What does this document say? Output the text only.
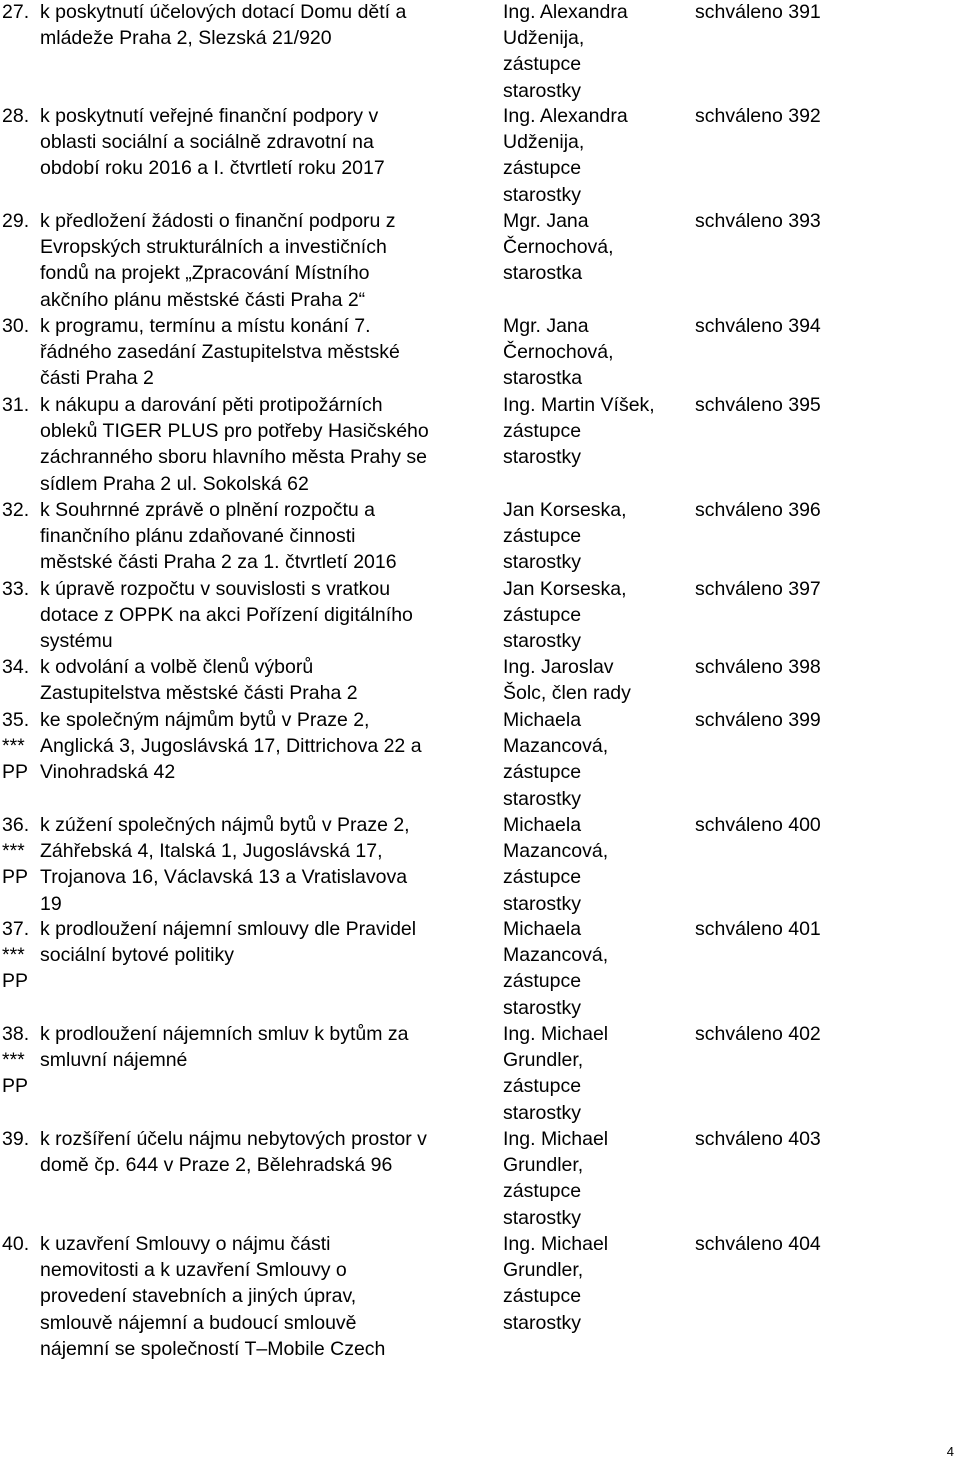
27. k poskytnutí účelových dotací Domu dětí a
mládeže Praha 2, Slezská 21/920
Ing. Alexandra
Udženija,
zástupce
starostky
schváleno 391
28. k poskytnutí veřejné finanční podpory v
oblasti sociální a sociálně zdravotní na
období roku 2016 a I. čtvrtletí roku 2017
Ing. Alexandra
Udženija,
zástupce
starostky
schváleno 392
29. k předložení žádosti o finanční podporu z
Evropských strukturálních a investičních
fondů na projekt „Zpracování Místního
akčního plánu městské části Praha 2“
Mgr. Jana
Černochová,
starostka
schváleno 393
30. k programu, termínu a místu konání 7.
řádného zasedání Zastupitelstva městské
části Praha 2
Mgr. Jana
Černochová,
starostka
schváleno 394
31. k nákupu a darování pěti protipožárních
obleků TIGER PLUS pro potřeby Hasičského
záchranného sboru hlavního města Prahy se
sídlem Praha 2 ul. Sokolská 62
Ing. Martin Víšek,
zástupce
starostky
schváleno 395
32. k Souhrnné zprávě o plnění rozpočtu a
finančního plánu zdaňované činnosti
městské části Praha 2 za 1. čtvrtletí 2016
Jan Korseska,
zástupce
starostky
schváleno 396
33. k úpravě rozpočtu v souvislosti s vratkou
dotace z OPPK na akci Pořízení digitálního
systému
Jan Korseska,
zástupce
starostky
schváleno 397
34. k odvolání a volbě členů výborů
Zastupitelstva městské části Praha 2
Ing. Jaroslav
Šolc, člen rady
schváleno 398
35.
***
PP
ke společným nájmům bytů v Praze 2,
Anglická 3, Jugoslávská 17, Dittrichova 22 a
Vinohradská 42
Michaela
Mazancová,
zástupce
starostky
schváleno 399
36.
***
PP
k zúžení společných nájmů bytů v Praze 2,
Záhřebská 4, Italská 1, Jugoslávská 17,
Trojanova 16, Václavská 13 a Vratislavova
19
Michaela
Mazancová,
zástupce
starostky
schváleno 400
37.
***
PP
k prodloužení nájemní smlouvy dle Pravidel
sociální bytové politiky
Michaela
Mazancová,
zástupce
starostky
schváleno 401
38.
***
PP
k prodloužení nájemních smluv k bytům za
smluvní nájemné
Ing. Michael
Grundler,
zástupce
starostky
schváleno 402
39. k rozšíření účelu nájmu nebytových prostor v
domě čp. 644 v Praze 2, Bělehradská 96
Ing. Michael
Grundler,
zástupce
starostky
schváleno 403
40. k uzavření Smlouvy o nájmu části
nemovitosti a k uzavření Smlouvy o
provedení stavebních a jiných úprav,
smlouvě nájemní a budoucí smlouvě
nájemní se společností T–Mobile Czech
Ing. Michael
Grundler,
zástupce
starostky
schváleno 404
4
